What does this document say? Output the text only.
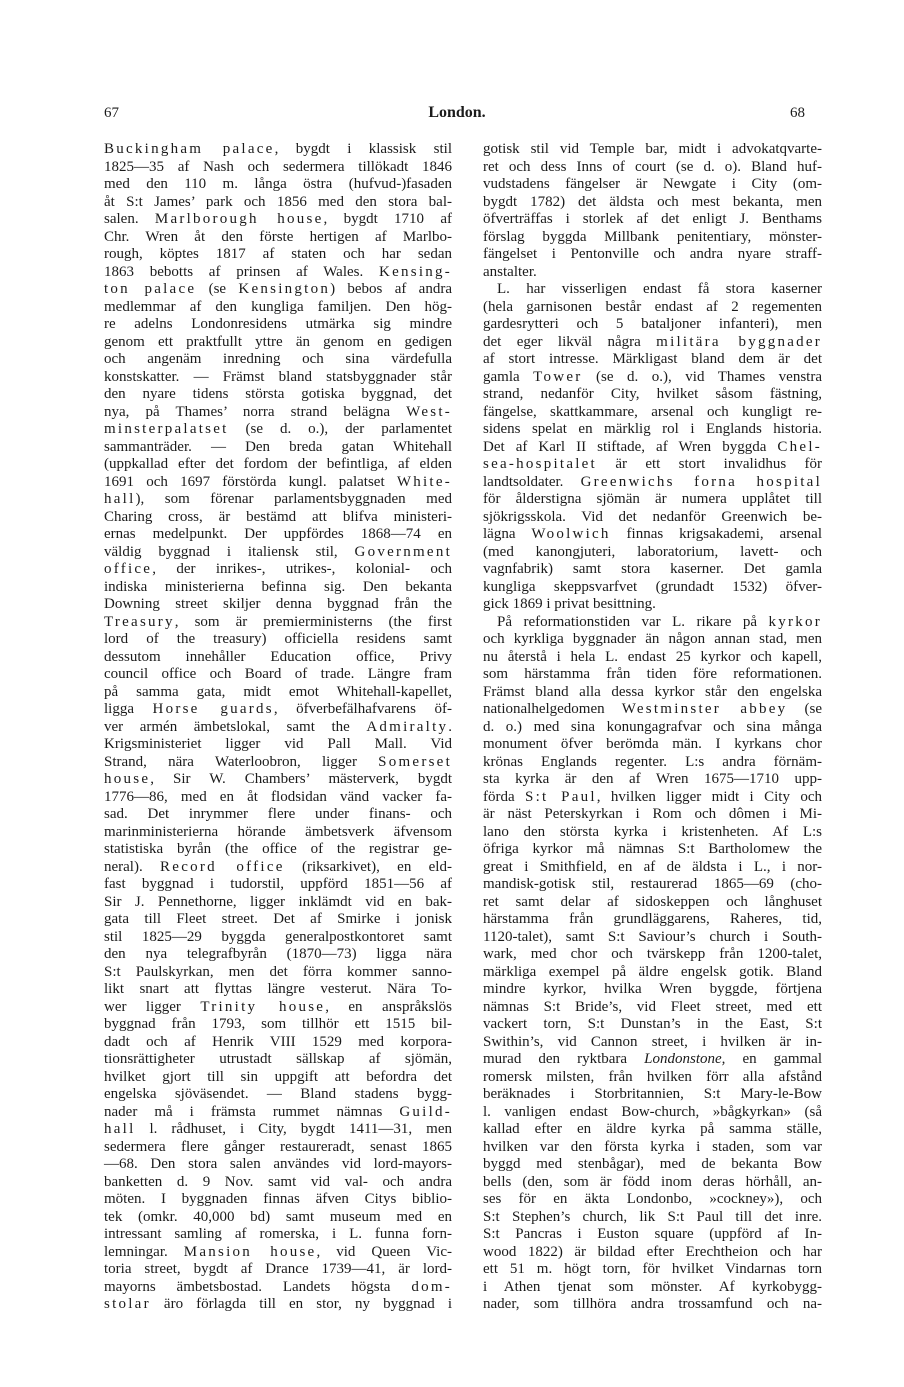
67	London.	68
Buckingham palace, bygdt i klassisk stil
1825—35 af Nash och sedermera tillökadt 1846
med den 110 m. långa östra (hufvud-)fasaden
åt S:t James’ park och 1856 med den stora bal-
salen. Marlborough house, bygdt 1710 af
Chr. Wren åt den förste hertigen af Marlbo-
rough, köptes 1817 af staten och har sedan
1863 bebotts af prinsen af Wales. Kensing-
ton palace (se Kensington) bebos af andra
medlemmar af den kungliga familjen. Den hög-
re adelns Londonresidens utmärka sig mindre
genom ett praktfullt yttre än genom en gedigen
och angenäm inredning och sina värdefulla
konstskatter. — Främst bland statsbyggnader står
den nyare tidens största gotiska byggnad, det
nya, på Thames’ norra strand belägna West-
minsterpalatset (se d. o.), der parlamentet
sammanträder. — Den breda gatan Whitehall
(uppkallad efter det fordom der befintliga, af elden
1691 och 1697 förstörda kungl. palatset White-
hall), som förenar parlamentsbyggnaden med
Charing cross, är bestämd att blifva ministeri-
ernas medelpunkt. Der uppfördes 1868—74 en
väldig byggnad i italiensk stil, Government
office, der inrikes-, utrikes-, kolonial- och
indiska ministerierna befinna sig. Den bekanta
Downing street skiljer denna byggnad från the
Treasury, som är premierministerns (the first
lord of the treasury) officiella residens samt
dessutom innehåller Education office, Privy
council office och Board of trade. Längre fram
på samma gata, midt emot Whitehall-kapellet,
ligga Horse guards, öfverbefälhafvarens öf-
ver armén ämbetslokal, samt the Admiralty.
Krigsministeriet ligger vid Pall Mall. Vid
Strand, nära Waterloobron, ligger Somerset
house, Sir W. Chambers’ mästerverk, bygdt
1776—86, med en åt flodsidan vänd vacker fa-
sad. Det inrymmer flere under finans- och
marinministerierna hörande ämbetsverk äfvensom
statistiska byrån (the office of the registrar ge-
neral). Record office (riksarkivet), en eld-
fast byggnad i tudorstil, uppförd 1851—56 af
Sir J. Pennethorne, ligger inklämdt vid en bak-
gata till Fleet street. Det af Smirke i jonisk
stil 1825—29 byggda generalpostkontoret samt
den nya telegrafbyrån (1870—73) ligga nära
S:t Paulskyrkan, men det förra kommer sanno-
likt snart att flyttas längre vesterut. Nära To-
wer ligger Trinity house, en anspråkslös
byggnad från 1793, som tillhör ett 1515 bil-
dadt och af Henrik VIII 1529 med korpora-
tionsrättigheter utrustadt sällskap af sjömän,
hvilket gjort till sin uppgift att befordra det
engelska sjöväsendet. — Bland stadens bygg-
nader må i främsta rummet nämnas Guild-
hall l. rådhuset, i City, bygdt 1411—31, men
sedermera flere gånger restaureradt, senast 1865
—68. Den stora salen användes vid lord-mayors-
banketten d. 9 Nov. samt vid val- och andra
möten. I byggnaden finnas äfven Citys biblio-
tek (omkr. 40,000 bd) samt museum med en
intressant samling af romerska, i L. funna forn-
lemningar. Mansion house, vid Queen Vic-
toria street, bygdt af Drance 1739—41, är lord-
mayorns ämbetsbostad. Landets högsta dom-
stolar äro förlagda till en stor, ny byggnad i
gotisk stil vid Temple bar, midt i advokatqvarte-
ret och dess Inns of court (se d. o). Bland huf-
vudstadens fängelser är Newgate i City (om-
bygdt 1782) det äldsta och mest bekanta, men
öfverträffas i storlek af det enligt J. Benthams
förslag byggda Millbank penitentiary, mönster-
fängelset i Pentonville och andra nyare straff-
anstalter.
L. har visserligen endast få stora kaserner
(hela garnisonen består endast af 2 regementen
gardesrytteri och 5 bataljoner infanteri), men
det eger likväl några militära byggnader
af stort intresse. Märkligast bland dem är det
gamla Tower (se d. o.), vid Thames venstra
strand, nedanför City, hvilket såsom fästning,
fängelse, skattkammare, arsenal och kungligt re-
sidens spelat en märklig rol i Englands historia.
Det af Karl II stiftade, af Wren byggda Chel-
sea-hospitalet är ett stort invalidhus för
landtsoldater. Greenwichs forna hospital
för ålderstigna sjömän är numera upplåtet till
sjökrigsskola. Vid det nedanför Greenwich be-
lägna Woolwich finnas krigsakademi, arsenal
(med kanongjuteri, laboratorium, lavett- och
vagnfabrik) samt stora kaserner. Det gamla
kungliga skeppsvarfvet (grundadt 1532) öfver-
gick 1869 i privat besittning.
På reformationstiden var L. rikare på kyrkor
och kyrkliga byggnader än någon annan stad, men
nu återstå i hela L. endast 25 kyrkor och kapell,
som härstamma från tiden före reformationen.
Främst bland alla dessa kyrkor står den engelska
nationalhelgedomen Westminster abbey (se
d. o.) med sina konungagrafvar och sina många
monument öfver berömda män. I kyrkans chor
krönas Englands regenter. L:s andra förnäm-
sta kyrka är den af Wren 1675—1710 upp-
förda S:t Paul, hvilken ligger midt i City och
är näst Peterskyrkan i Rom och dômen i Mi-
lano den största kyrka i kristenheten. Af L:s
öfriga kyrkor må nämnas S:t Bartholomew the
great i Smithfield, en af de äldsta i L., i nor-
mandisk-gotisk stil, restaurerad 1865—69 (cho-
ret samt delar af sidoskeppen och långhuset
härstamma från grundläggarens, Raheres, tid,
1120-talet), samt S:t Saviour’s church i South-
wark, med chor och tvärskepp från 1200-talet,
märkliga exempel på äldre engelsk gotik. Bland
mindre kyrkor, hvilka Wren byggde, förtjena
nämnas S:t Bride’s, vid Fleet street, med ett
vackert torn, S:t Dunstan’s in the East, S:t
Swithin’s, vid Cannon street, i hvilken är in-
murad den ryktbara Londonstone, en gammal
romersk milsten, från hvilken förr alla afstånd
beräknades i Storbritannien, S:t Mary-le-Bow
l. vanligen endast Bow-church, »bågkyrkan» (så
kallad efter en äldre kyrka på samma ställe,
hvilken var den första kyrka i staden, som var
byggd med stenbågar), med de bekanta Bow
bells (den, som är född inom deras hörhåll, an-
ses för en äkta Londonbo, »cockney»), och
S:t Stephen’s church, lik S:t Paul till det inre.
S:t Pancras i Euston square (uppförd af In-
wood 1822) är bildad efter Erechtheion och har
ett 51 m. högt torn, för hvilket Vindarnas torn
i Athen tjenat som mönster. Af kyrkobygg-
nader, som tillhöra andra trossamfund och na-
